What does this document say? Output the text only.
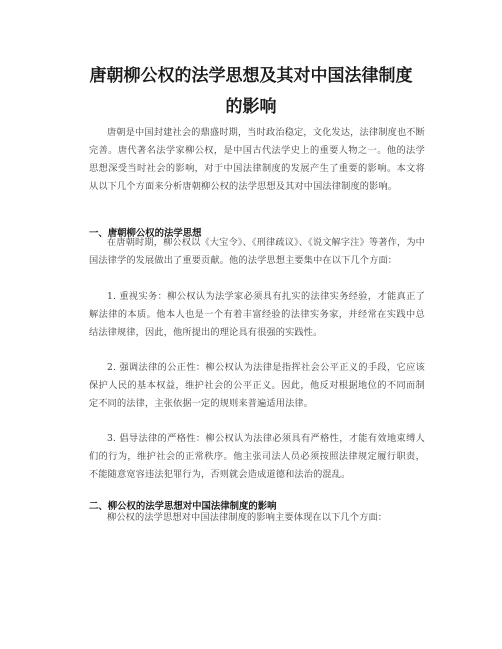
唐朝柳公权的法学思想及其对中国法律制度
的影响

唐朝是中国封建社会的鼎盛时期，当时政治稳定，文化发达，法律制度也不断完善。唐代著名法学家柳公权，是中国古代法学史上的重要人物之一。他的法学思想深受当时社会的影响，对于中国法律制度的发展产生了重要的影响。本文将从以下几个方面来分析唐朝柳公权的法学思想及其对中国法律制度的影响。

一、唐朝柳公权的法学思想

在唐朝时期，柳公权以《大宝令》、《刑律疏议》、《说文解字注》等著作，为中国法律学的发展做出了重要贡献。他的法学思想主要集中在以下几个方面：

1. 重视实务：柳公权认为法学家必须具有扎实的法律实务经验，才能真正了解法律的本质。他本人也是一个有着丰富经验的法律实务家，并经常在实践中总结法律规律，因此，他所提出的理论具有很强的实践性。

2. 强调法律的公正性：柳公权认为法律是指挥社会公平正义的手段，它应该保护人民的基本权益，维护社会的公平正义。因此，他反对根据地位的不同而制定不同的法律，主张依据一定的规则来普遍适用法律。

3. 倡导法律的严格性：柳公权认为法律必须具有严格性，才能有效地束缚人们的行为，维护社会的正常秩序。他主张司法人员必须按照法律规定履行职责，不能随意宽容违法犯罪行为，否则就会造成道德和法治的混乱。

二、柳公权的法学思想对中国法律制度的影响

柳公权的法学思想对中国法律制度的影响主要体现在以下几个方面：
